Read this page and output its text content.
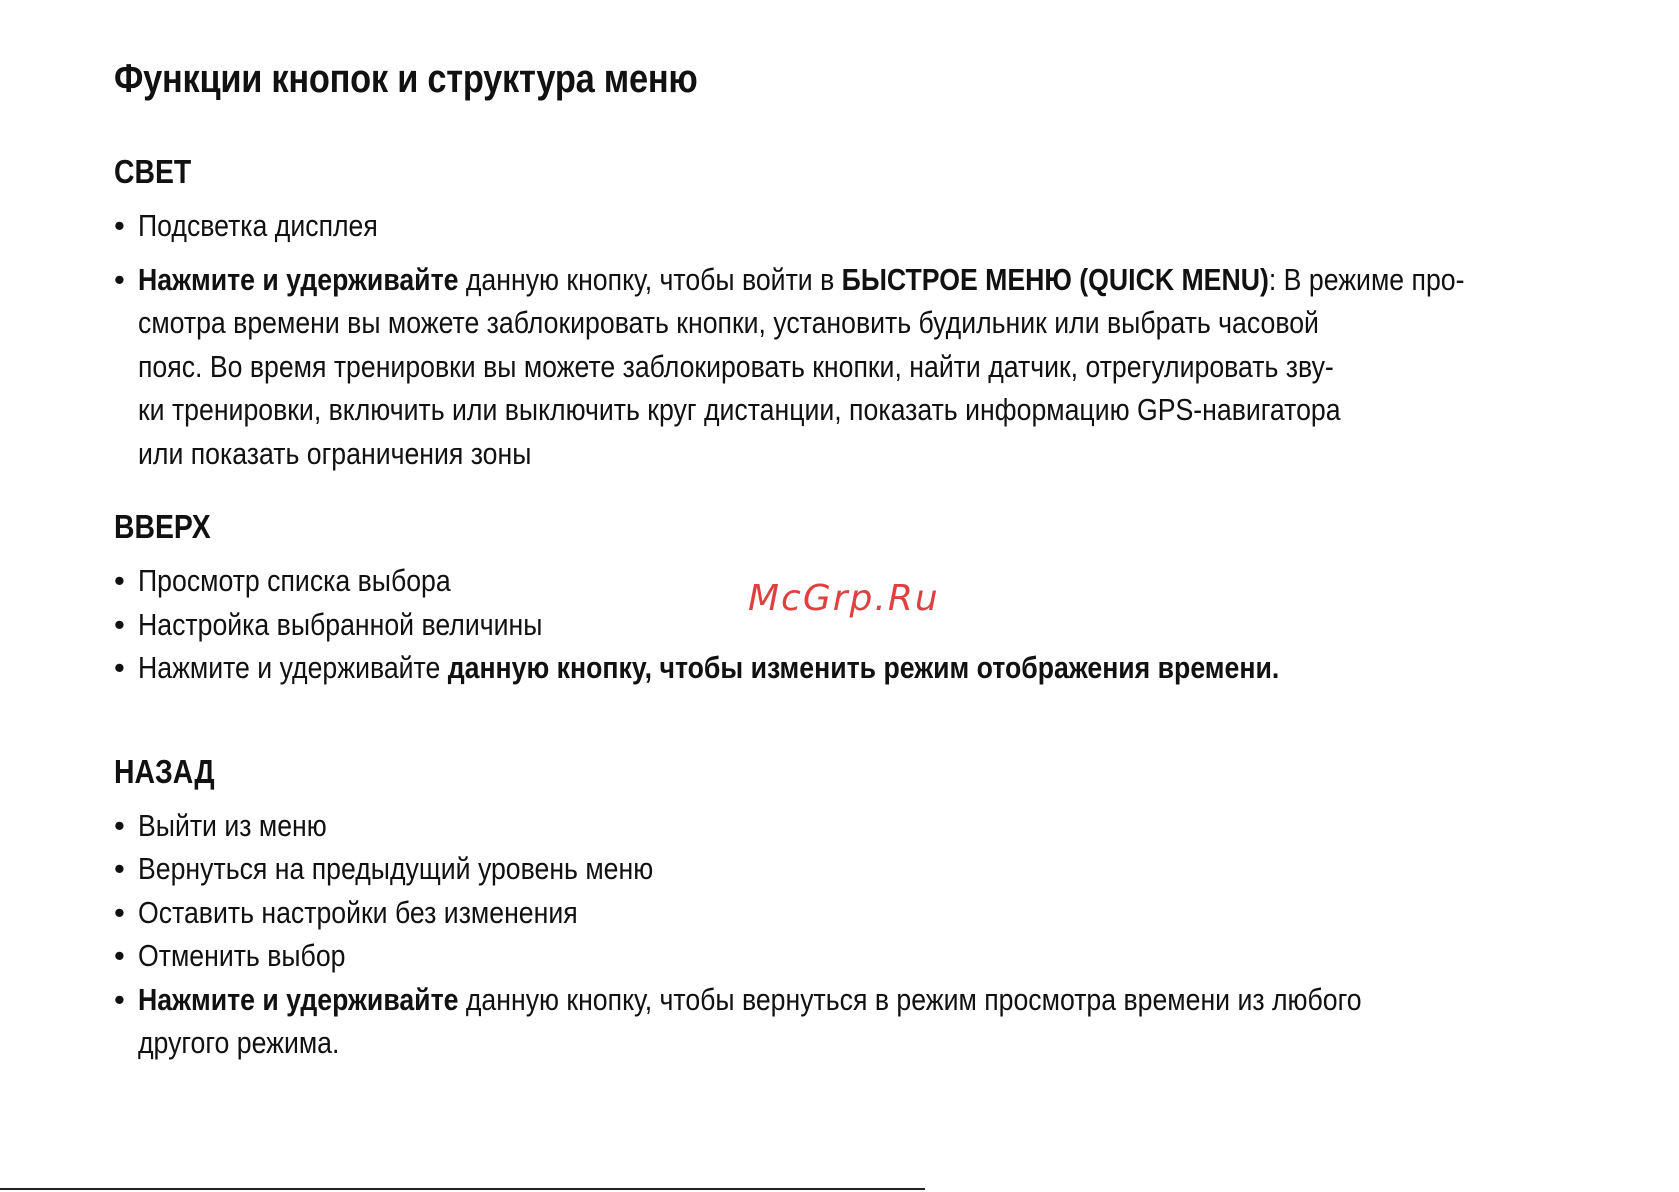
Функции кнопок и структура меню
СВЕТ
• Подсветка дисплея
• Нажмите и удерживайте данную кнопку, чтобы войти в БЫСТРОЕ МЕНЮ (QUICK MENU): В режиме про-
смотра времени вы можете заблокировать кнопки, установить будильник или выбрать часовой
пояс. Во время тренировки вы можете заблокировать кнопки, найти датчик, отрегулировать зву-
ки тренировки, включить или выключить круг дистанции, показать информацию GPS-навигатора
или показать ограничения зоны
ВВЕРХ
• Просмотр списка выбора
• Настройка выбранной величины
• Нажмите и удерживайте данную кнопку, чтобы изменить режим отображения времени.
НАЗАД
• Выйти из меню
• Вернуться на предыдущий уровень меню
• Оставить настройки без изменения
• Отменить выбор
• Нажмите и удерживайте данную кнопку, чтобы вернуться в режим просмотра времени из любого
другого режима.
McGrp.Ru
